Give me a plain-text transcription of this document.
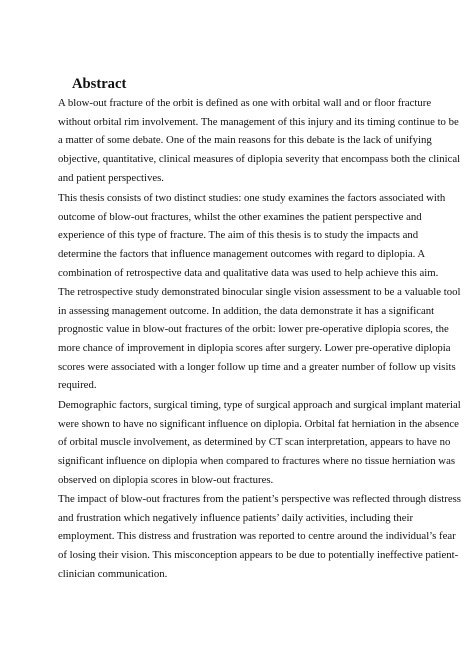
Abstract
A blow-out fracture of the orbit is defined as one with orbital wall and or floor fracture
without orbital rim involvement. The management of this injury and its timing continue to be
a matter of some debate. One of the main reasons for this debate is the lack of unifying
objective, quantitative, clinical measures of diplopia severity that encompass both the clinical
and patient perspectives.
This thesis consists of two distinct studies: one study examines the factors associated with
outcome of blow-out fractures, whilst the other examines the patient perspective and
experience of this type of fracture. The aim of this thesis is to study the impacts and
determine the factors that influence management outcomes with regard to diplopia. A
combination of retrospective data and qualitative data was used to help achieve this aim.
The retrospective study demonstrated binocular single vision assessment to be a valuable tool
in assessing management outcome. In addition, the data demonstrate it has a significant
prognostic value in blow-out fractures of the orbit: lower pre-operative diplopia scores, the
more chance of improvement in diplopia scores after surgery. Lower pre-operative diplopia
scores were associated with a longer follow up time and a greater number of follow up visits
required.
Demographic factors, surgical timing, type of surgical approach and surgical implant material
were shown to have no significant influence on diplopia. Orbital fat herniation in the absence
of orbital muscle involvement, as determined by CT scan interpretation, appears to have no
significant influence on diplopia when compared to fractures where no tissue herniation was
observed on diplopia scores in blow-out fractures.
The impact of blow-out fractures from the patient’s perspective was reflected through distress
and frustration which negatively influence patients’ daily activities, including their
employment. This distress and frustration was reported to centre around the individual’s fear
of losing their vision. This misconception appears to be due to potentially ineffective patient-
clinician communication.
